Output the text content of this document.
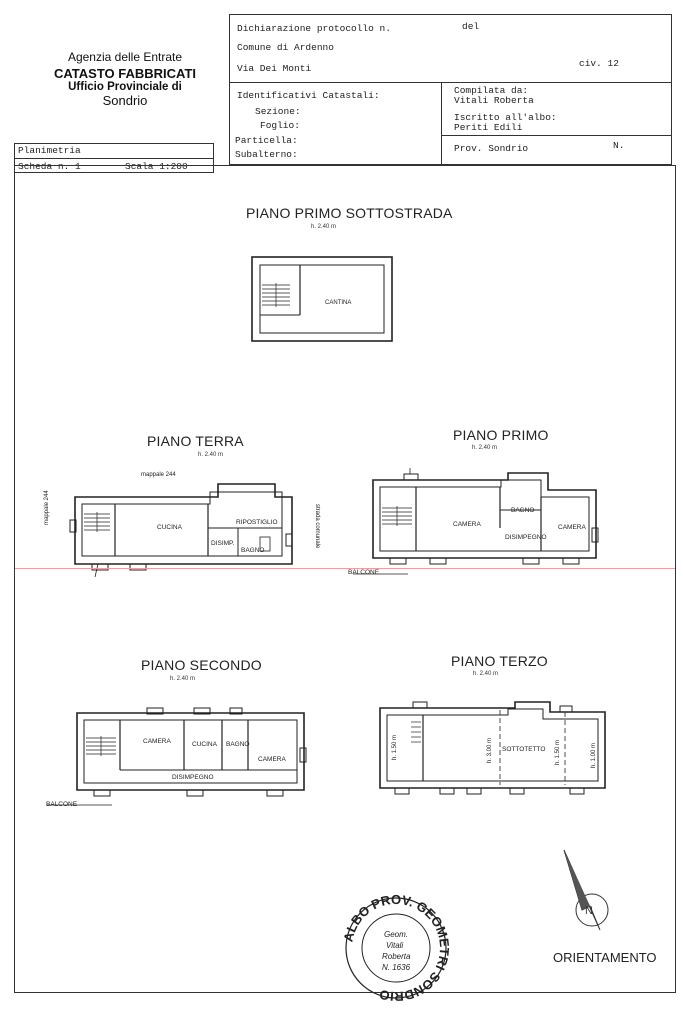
Agenzia delle Entrate
CATASTO FABBRICATI
Ufficio Provinciale di
Sondrio
Dichiarazione protocollo n.	del
Comune di Ardenno
Via Dei Monti	civ. 12
Identificativi Catastali:
Sezione:
Foglio:
Particella:
Subalterno:
Compilata da:
Vitali Roberta
Iscritto all'albo:
Periti Edili
Prov. Sondrio	N.
Planimetria
Scheda n. 1	Scala 1:200
PIANO PRIMO SOTTOSTRADA
h. 2.40 m
CANTINA
PIANO TERRA
h. 2.40 m
mappale 244
mappale 244	strada comunale
CUCINA
RIPOSTIGLIO
DISIMP.
BAGNO
PIANO PRIMO
h. 2.40 m
CAMERA
BAGNO
DISIMPEGNO
CAMERA
BALCONE
PIANO SECONDO
h. 2.40 m
CAMERA	CUCINA BAGNO
CAMERA
DISIMPEGNO
BALCONE
PIANO TERZO
h. 2.40 m
SOTTOTETTO
h. 1.50 m	h. 3.00 m	h. 1.50 m	h. 1.00 m
N
ORIENTAMENTO
ALBO PROV. GEOMETRI SONDRIO
Geom.
Vitali
Roberta
N. 1636
